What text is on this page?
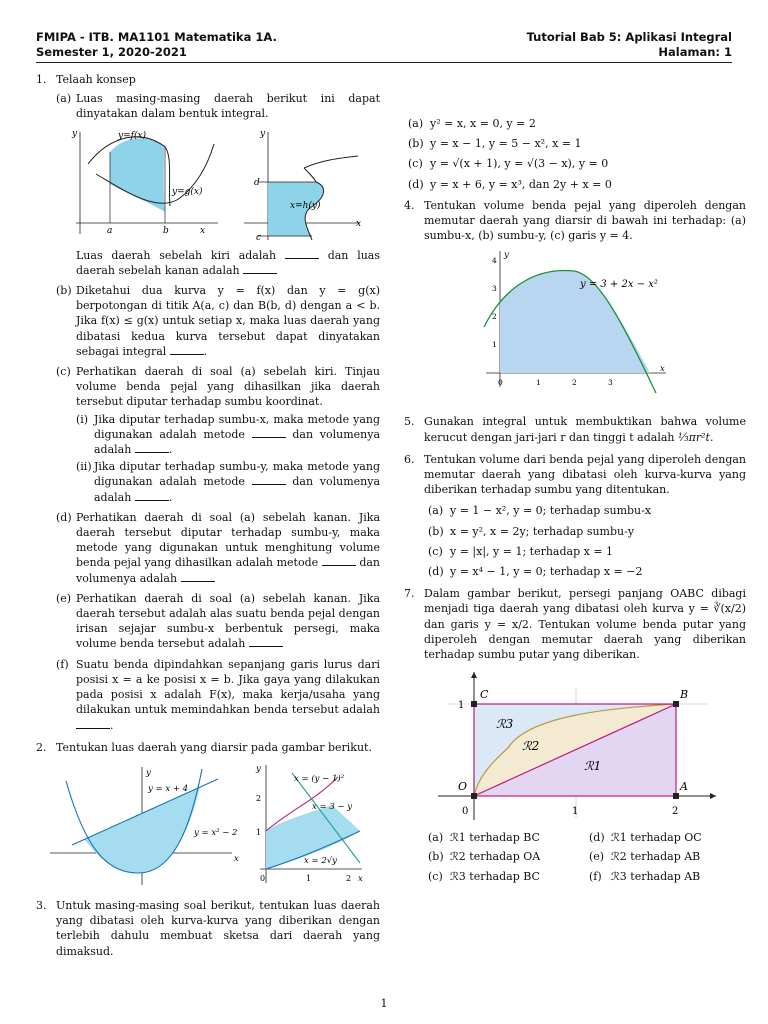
FMIPA - ITB. MA1101 Matematika 1A.
Semester 1, 2020-2021
Tutorial Bab 5: Aplikasi Integral
Halaman: 1
1. Telaah konsep
(a) Luas masing-masing daerah berikut ini dapat dinyatakan dalam bentuk integral.
y
x
y=f(x)
y=g(x)
a	b
y
x
d
c
x=h(y)
Luas daerah sebelah kiri adalah	dan luas daerah sebelah kanan adalah
(b) Diketahui dua kurva y = f(x) dan y = g(x) berpotongan di titik A(a, c) dan B(b, d) dengan a < b. Jika f(x) ≤ g(x) untuk setiap x, maka luas daerah yang dibatasi kedua kurva tersebut dapat dinyatakan sebagai integral	.
(c) Perhatikan daerah di soal (a) sebelah kiri. Tinjau volume benda pejal yang dihasilkan jika daerah tersebut diputar terhadap sumbu koordinat.
(i) Jika diputar terhadap sumbu-x, maka metode yang digunakan adalah metode	dan volumenya adalah	.
(ii) Jika diputar terhadap sumbu-y, maka metode yang digunakan adalah metode	dan volumenya adalah	.
(d) Perhatikan daerah di soal (a) sebelah kanan. Jika daerah tersebut diputar terhadap sumbu-y, maka metode yang digunakan untuk menghitung volume benda pejal yang dihasilkan adalah metode	dan volumenya adalah
(e) Perhatikan daerah di soal (a) sebelah kanan. Jika daerah tersebut adalah alas suatu benda pejal dengan irisan sejajar sumbu-x berbentuk persegi, maka volume benda tersebut adalah
(f) Suatu benda dipindahkan sepanjang garis lurus dari posisi x = a ke posisi x = b. Jika gaya yang dilakukan pada posisi x adalah F(x), maka kerja/usaha yang dilakukan untuk memindahkan benda tersebut adalah .
2. Tentukan luas daerah yang diarsir pada gambar berikut.
y
x
y = x + 4
y = x² − 2
y
x
x = (y − 1)²
x = 3 − y
x = 2√y
0	1	2
1
2
3. Untuk masing-masing soal berikut, tentukan luas daerah yang dibatasi oleh kurva-kurva yang diberikan dengan terlebih dahulu membuat sketsa dari daerah yang dimaksud.
(a) y² = x, x = 0, y = 2
(b) y = x − 1, y = 5 − x², x = 1
(c) y = √(x + 1), y = √(3 − x), y = 0
(d) y = x + 6, y = x³, dan 2y + x = 0
4. Tentukan volume benda pejal yang diperoleh dengan memutar daerah yang diarsir di bawah ini terhadap: (a) sumbu-x, (b) sumbu-y, (c) garis y = 4.
y
x
y = 3 + 2x − x²
0	1	2	3
1
2
3
4
5. Gunakan integral untuk membuktikan bahwa volume kerucut dengan jari-jari r dan tinggi t adalah ⅓πr²t.
6. Tentukan volume dari benda pejal yang diperoleh dengan memutar daerah yang dibatasi oleh kurva-kurva yang diberikan terhadap sumbu yang ditentukan.
(a) y = 1 − x², y = 0; terhadap sumbu-x
(b) x = y², x = 2y; terhadap sumbu-y
(c) y = |x|, y = 1; terhadap x = 1
(d) y = x⁴ − 1, y = 0; terhadap x = −2
7. Dalam gambar berikut, persegi panjang OABC dibagi menjadi tiga daerah yang dibatasi oleh kurva y = ∛(x/2) dan garis y = x/2. Tentukan volume benda putar yang diperoleh dengan memutar daerah yang diberikan terhadap sumbu putar yang diberikan.
C	B
O	A
ℛ1
ℛ2
ℛ3
0	1	2
1
(a) ℛ1 terhadap BC	(d) ℛ1 terhadap OC
(b) ℛ2 terhadap OA	(e) ℛ2 terhadap AB
(c) ℛ3 terhadap BC	(f) ℛ3 terhadap AB
1
